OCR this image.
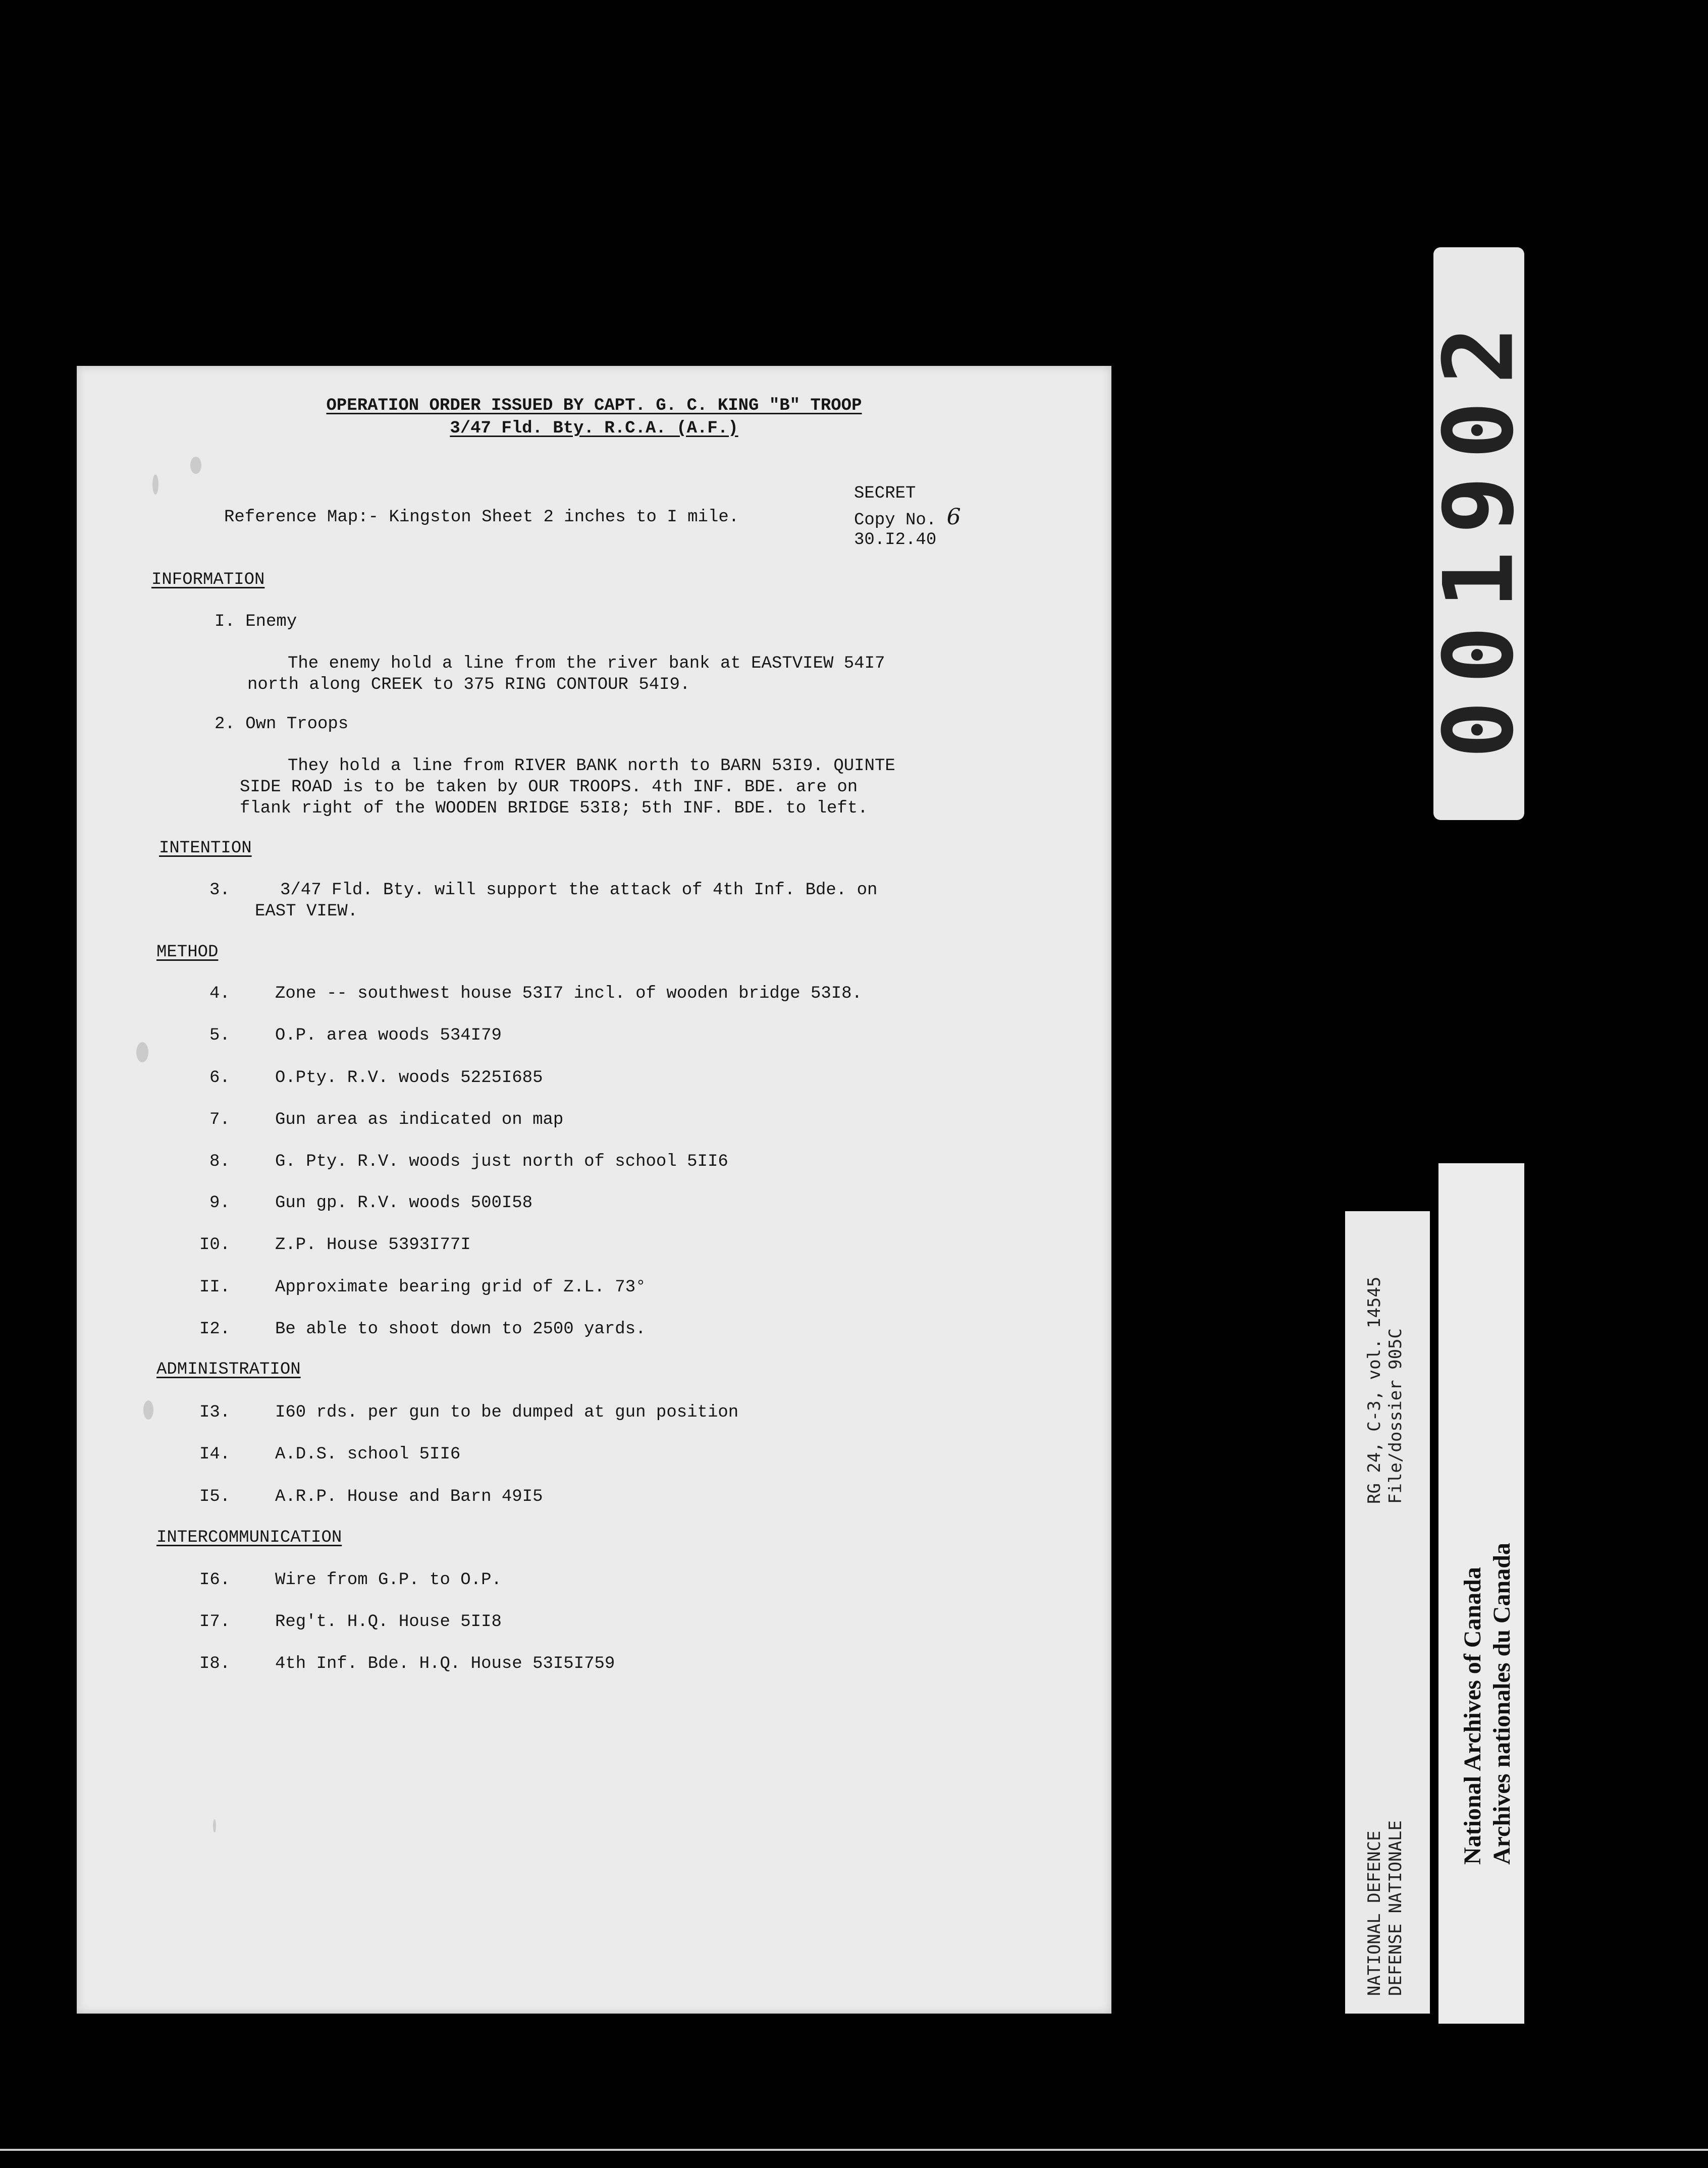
OPERATION ORDER ISSUED BY CAPT. G. C. KING "B" TROOP
3/47 Fld. Bty. R.C.A. (A.F.)
Reference Map:- Kingston Sheet 2 inches to I mile.
SECRET
Copy No. 6
30.I2.40
INFORMATION
I. Enemy
The enemy hold a line from the river bank at EASTVIEW 54I7
north along CREEK to 375 RING CONTOUR 54I9.
2. Own Troops
They hold a line from RIVER BANK north to BARN 53I9. QUINTE
SIDE ROAD is to be taken by OUR TROOPS. 4th INF. BDE. are on
flank right of the WOODEN BRIDGE 53I8; 5th INF. BDE. to left.
INTENTION
3.	3/47 Fld. Bty. will support the attack of 4th Inf. Bde. on
EAST VIEW.
METHOD
4.	Zone -- southwest house 53I7 incl. of wooden bridge 53I8.
5.	O.P. area woods 534I79
6.	O.Pty. R.V. woods 5225I685
7.	Gun area as indicated on map
8.	G. Pty. R.V. woods just north of school 5II6
9.	Gun gp. R.V. woods 500I58
I0.	Z.P. House 5393I77I
II.	Approximate bearing grid of Z.L. 73°
I2.	Be able to shoot down to 2500 yards.
ADMINISTRATION
I3.	I60 rds. per gun to be dumped at gun position
I4.	A.D.S. school 5II6
I5.	A.R.P. House and Barn 49I5
INTERCOMMUNICATION
I6.	Wire from G.P. to O.P.
I7.	Reg't. H.Q. House 5II8
I8.	4th Inf. Bde. H.Q. House 53I5I759
001902
RG 24, C-3, vol. 14545 File/dossier 905C
NATIONAL DEFENCE DEFENSE NATIONALE
National Archives of Canada Archives nationales du Canada
